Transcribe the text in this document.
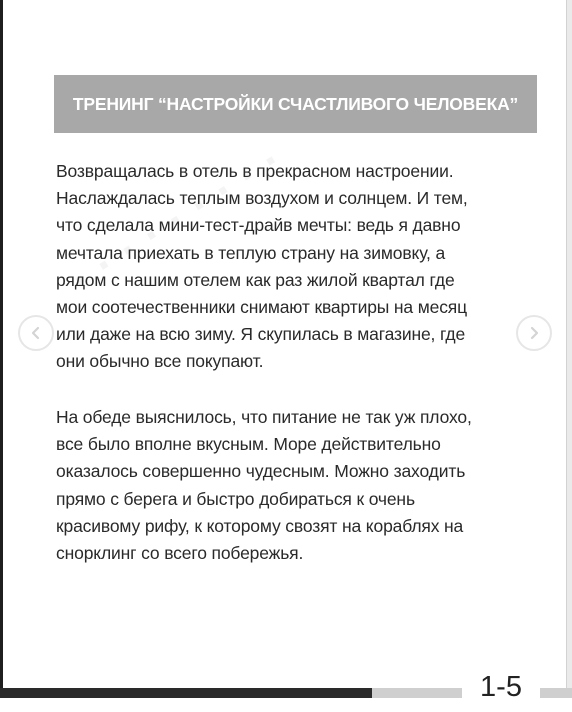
ТРЕНИНГ “НАСТРОЙКИ СЧАСТЛИВОГО ЧЕЛОВЕКА”

Возвращалась в отель в прекрасном настроении.
Наслаждалась теплым воздухом и солнцем. И тем,
что сделала мини-тест-драйв мечты: ведь я давно
мечтала приехать в теплую страну на зимовку, а
рядом с нашим отелем как раз жилой квартал где
мои соотечественники снимают квартиры на месяц
или даже на всю зиму. Я скупилась в магазине, где
они обычно все покупают.

На обеде выяснилось, что питание не так уж плохо,
все было вполне вкусным. Море действительно
оказалось совершенно чудесным. Можно заходить
прямо с берега и быстро добираться к очень
красивому рифу, к которому свозят на кораблях на
снорклинг со всего побережья.

1-5
